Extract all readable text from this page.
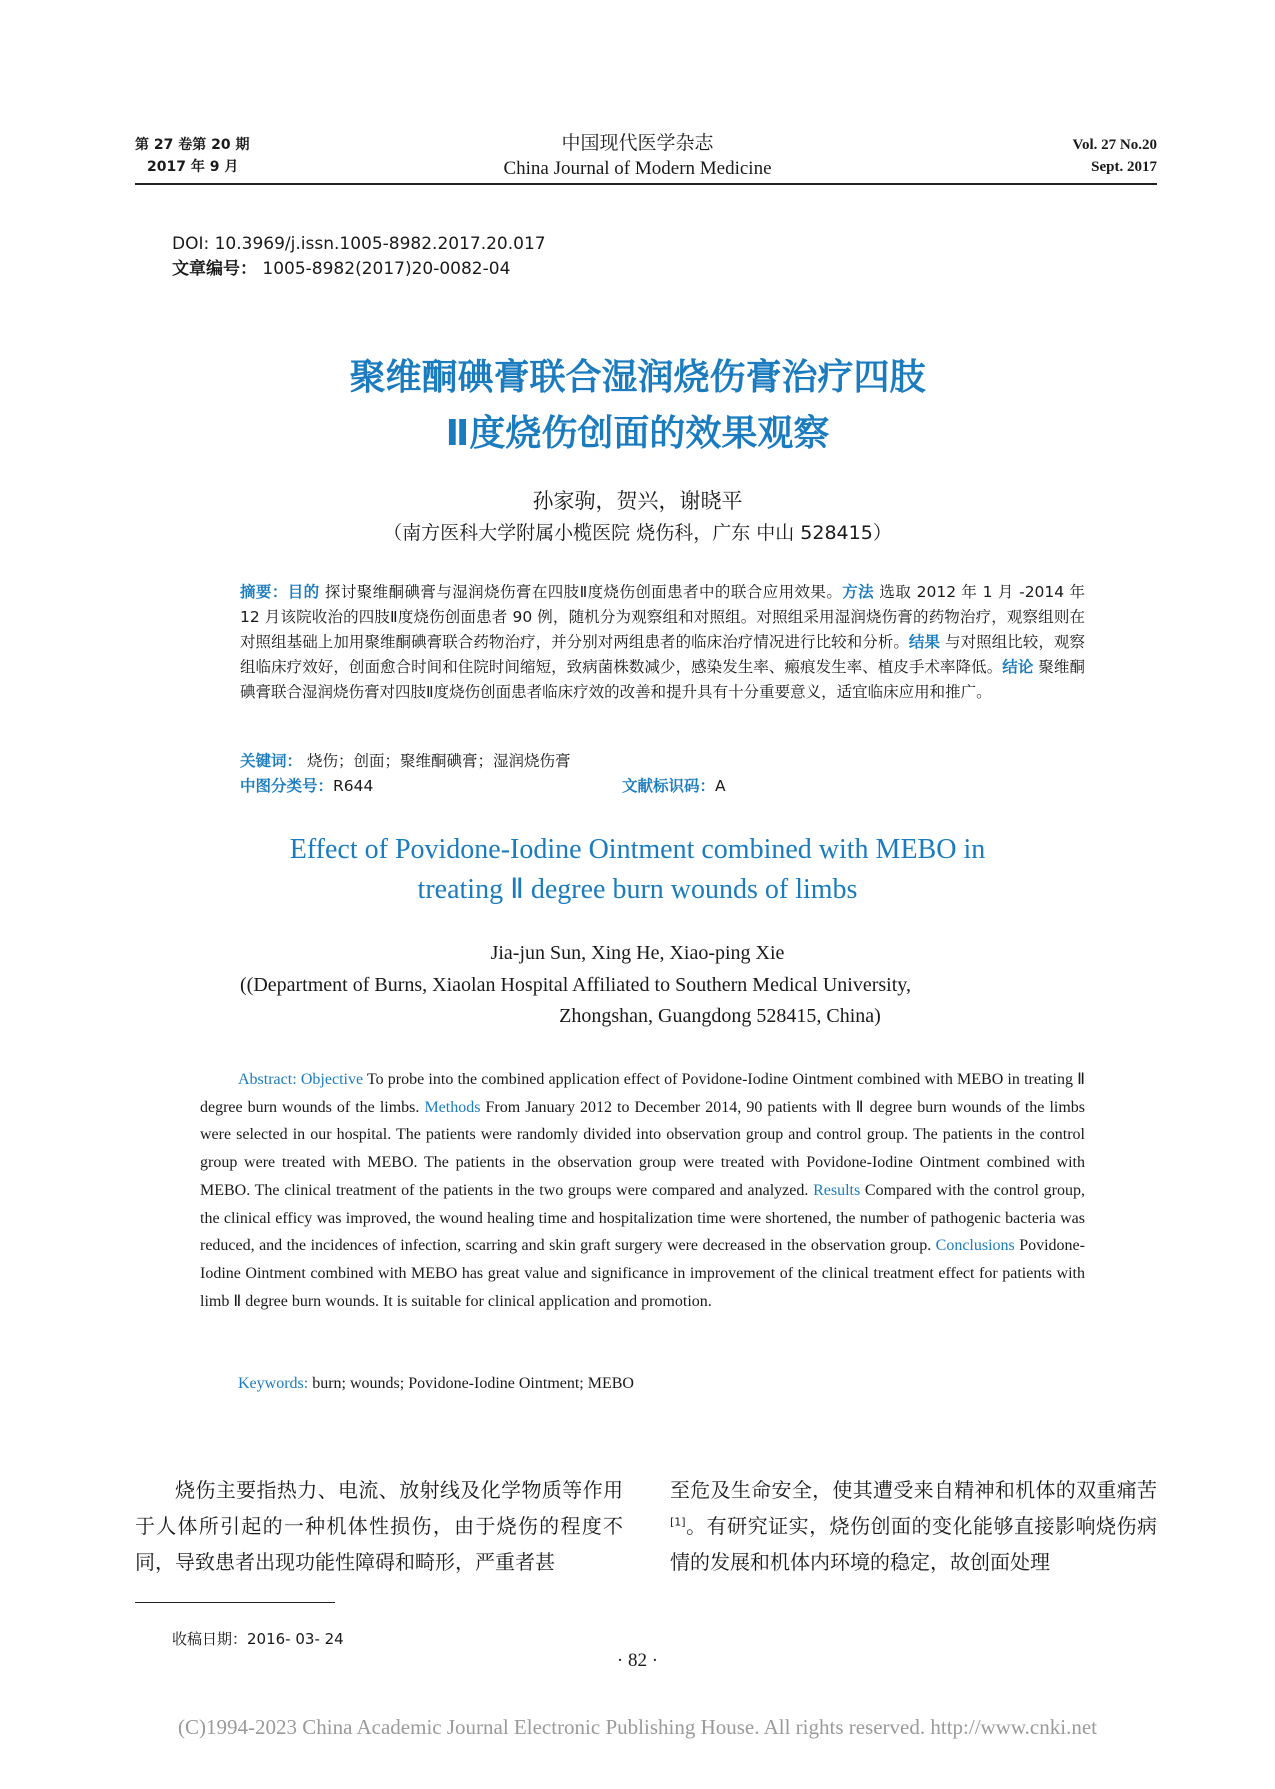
第 27 卷第 20 期
2017 年 9 月
中国现代医学杂志
China Journal of Modern Medicine
Vol. 27 No.20
Sept. 2017
DOI: 10.3969/j.issn.1005-8982.2017.20.017
文章编号： 1005-8982(2017)20-0082-04
聚维酮碘膏联合湿润烧伤膏治疗四肢
Ⅱ度烧伤创面的效果观察
孙家驹，贺兴，谢晓平
（南方医科大学附属小榄医院 烧伤科，广东 中山 528415）
摘要：目的 探讨聚维酮碘膏与湿润烧伤膏在四肢Ⅱ度烧伤创面患者中的联合应用效果。方法 选取 2012 年 1 月 -2014 年 12 月该院收治的四肢Ⅱ度烧伤创面患者 90 例，随机分为观察组和对照组。对照组采用湿润烧伤膏的药物治疗，观察组则在对照组基础上加用聚维酮碘膏联合药物治疗，并分别对两组患者的临床治疗情况进行比较和分析。结果 与对照组比较，观察组临床疗效好，创面愈合时间和住院时间缩短，致病菌株数减少，感染发生率、瘢痕发生率、植皮手术率降低。结论 聚维酮碘膏联合湿润烧伤膏对四肢Ⅱ度烧伤创面患者临床疗效的改善和提升具有十分重要意义，适宜临床应用和推广。
关键词： 烧伤；创面；聚维酮碘膏；湿润烧伤膏
中图分类号：R644	文献标识码：A
Effect of Povidone-Iodine Ointment combined with MEBO in
treating Ⅱ degree burn wounds of limbs
Jia-jun Sun, Xing He, Xiao-ping Xie
((Department of Burns, Xiaolan Hospital Affiliated to Southern Medical University,
Zhongshan, Guangdong 528415, China)
Abstract: Objective To probe into the combined application effect of Povidone-Iodine Ointment combined with MEBO in treating Ⅱ degree burn wounds of the limbs. Methods From January 2012 to December 2014, 90 patients with Ⅱ degree burn wounds of the limbs were selected in our hospital. The patients were randomly divided into observation group and control group. The patients in the control group were treated with MEBO. The patients in the observation group were treated with Povidone-Iodine Ointment combined with MEBO. The clinical treatment of the patients in the two groups were compared and analyzed. Results Compared with the control group, the clinical efficy was improved, the wound healing time and hospitalization time were shortened, the number of pathogenic bacteria was reduced, and the incidences of infection, scarring and skin graft surgery were decreased in the observation group. Conclusions Povidone-Iodine Ointment combined with MEBO has great value and significance in improvement of the clinical treatment effect for patients with limb Ⅱ degree burn wounds. It is suitable for clinical application and promotion.
Keywords: burn; wounds; Povidone-Iodine Ointment; MEBO
烧伤主要指热力、电流、放射线及化学物质等作用于人体所引起的一种机体性损伤，由于烧伤的程度不同，导致患者出现功能性障碍和畸形，严重者甚
至危及生命安全，使其遭受来自精神和机体的双重痛苦[1]。有研究证实，烧伤创面的变化能够直接影响烧伤病情的发展和机体内环境的稳定，故创面处理
收稿日期：2016- 03- 24
· 82 ·
(C)1994-2023 China Academic Journal Electronic Publishing House. All rights reserved. http://www.cnki.net
